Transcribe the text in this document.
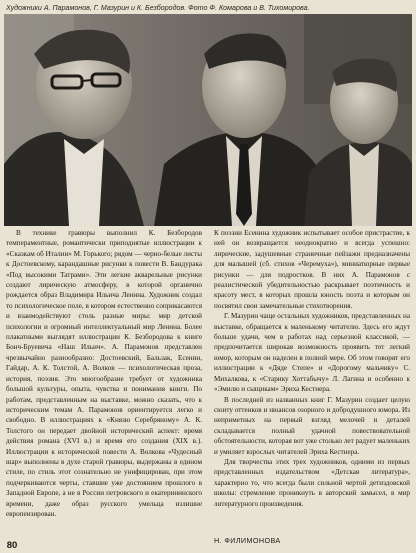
Художники А. Парамонов, Г. Мазурин и К. Безбородов. Фото Ф. Комарова и В. Тихомирова.

В технике гравюры выполнил К. Безбородов темпераментные, романтически приподнятые иллюстрации к «Сказкам об Италии» М. Горького; рядом — черно-белые листы к Достоевскому, карандашные рисунки к повести В. Бандурака «Под высокими Татрами». Эти легкие акварельные рисунки создают лирическую атмосферу, в которой органично рождается образ Владимира Ильича Ленина. Художник создал то психологическое поле, в котором естественно соприкасаются и взаимодействуют столь разные миры: мир детской психологии и огромный интеллектуальный мир Ленина. Более плакатными выглядят иллюстрации К. Безбородова к книге Бонч-Бруевича «Наш Ильич». А. Парамонов представлен чрезвычайно разнообразно: Достоевский, Бальзак, Есенин, Гайдар, А. К. Толстой, А. Волков — психологическая проза, история, поэзия. Это многообразие требует от художника большой культуры, опыта, чувства и понимания книги. По работам, представленным на выставке, можно сказать, что к историческим темам А. Парамонов ориентируется легко и свободно. В иллюстрациях к «Князю Серебряному» А. К. Толстого он передает двойной исторический аспект: время действия романа (XVI в.) и время его создания (XIX в.). Иллюстрации к исторической повести А. Волкова «Чудесный шар» выполнены в духе старой гравюры, выдержаны в едином стиле, по стиль этот сознательно не унифицирован, при этом подчеркиваются черты, ставшие уже достоянием прошлого в Западной Европе, а не в России петровского и екатерининского времени, даже образ русского умельца излишне европеизирован.

К поэзии Есенина художник испытывает особое пристрастие, к ней он возвращается неоднократно и всегда успешно: лирические, задушевные страничные пейзажи предназначены для малышей (сб. стихов «Черемуха»), миниатюрные первые рисунки — для подростков. В них А. Парамонов с реалистической убедительностью раскрывает поэтичность и красоту мест, в которых прошла юность поэта и которым он посвятил свои замечательные стихотворения.

Г. Мазурин чаще остальных художников, представленных на выставке, обращается к маленькому читателю. Здесь его ждут больше удачи, чем в работах над серьезной классикой, — предпочитается широкая возможность проявить тот легкий юмор, которым он наделен в полной мере. Об этом говорят его иллюстрации к «Дяде Степе» и «Дорогому мальчику» С. Михалкова, к «Старику Хоттабычу» Л. Лагина и особенно к «Эмилю и сыщикам» Эриха Кестнера.

В последней из названных книг Г. Мазурин создает целую сюиту оттенков и нюансов озорного и добродушного юмора. Из неприметных на первый взгляд мелочей и деталей складывается полный удачной повествовательной обстоятельности, которая вот уже столько лет радует маленьких и умиляет взрослых читателей Эриха Кестнера.

Для творчества этих трех художников, одними из первых представленных издательством «Детская литература», характерно то, что всегда были сильной чертой детиздовской школы: стремление проникнуть в авторский замысел, в мир литературного произведения.

Н. ФИЛИМОНОВА
80
